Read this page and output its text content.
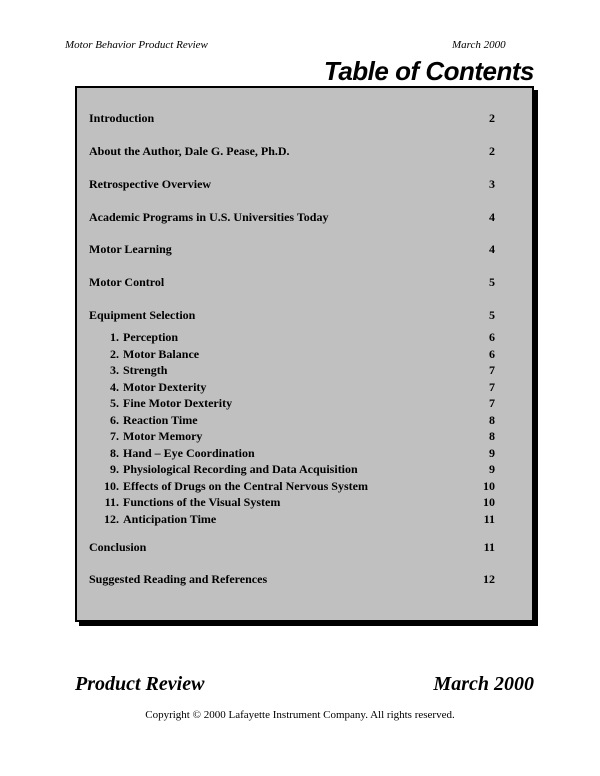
Motor Behavior Product Review	March 2000
Table of Contents
Introduction	2
About the Author, Dale G. Pease, Ph.D.	2
Retrospective Overview	3
Academic Programs in U.S. Universities Today	4
Motor Learning	4
Motor Control	5
Equipment Selection	5
1. Perception	6
2. Motor Balance	6
3. Strength	7
4. Motor Dexterity	7
5. Fine Motor Dexterity	7
6. Reaction Time	8
7. Motor Memory	8
8. Hand – Eye Coordination	9
9. Physiological Recording and Data Acquisition	9
10. Effects of Drugs on the Central Nervous System	10
11. Functions of the Visual System	10
12. Anticipation Time	11
Conclusion	11
Suggested Reading and References	12
Product Review	March 2000
Copyright © 2000 Lafayette Instrument Company. All rights reserved.
